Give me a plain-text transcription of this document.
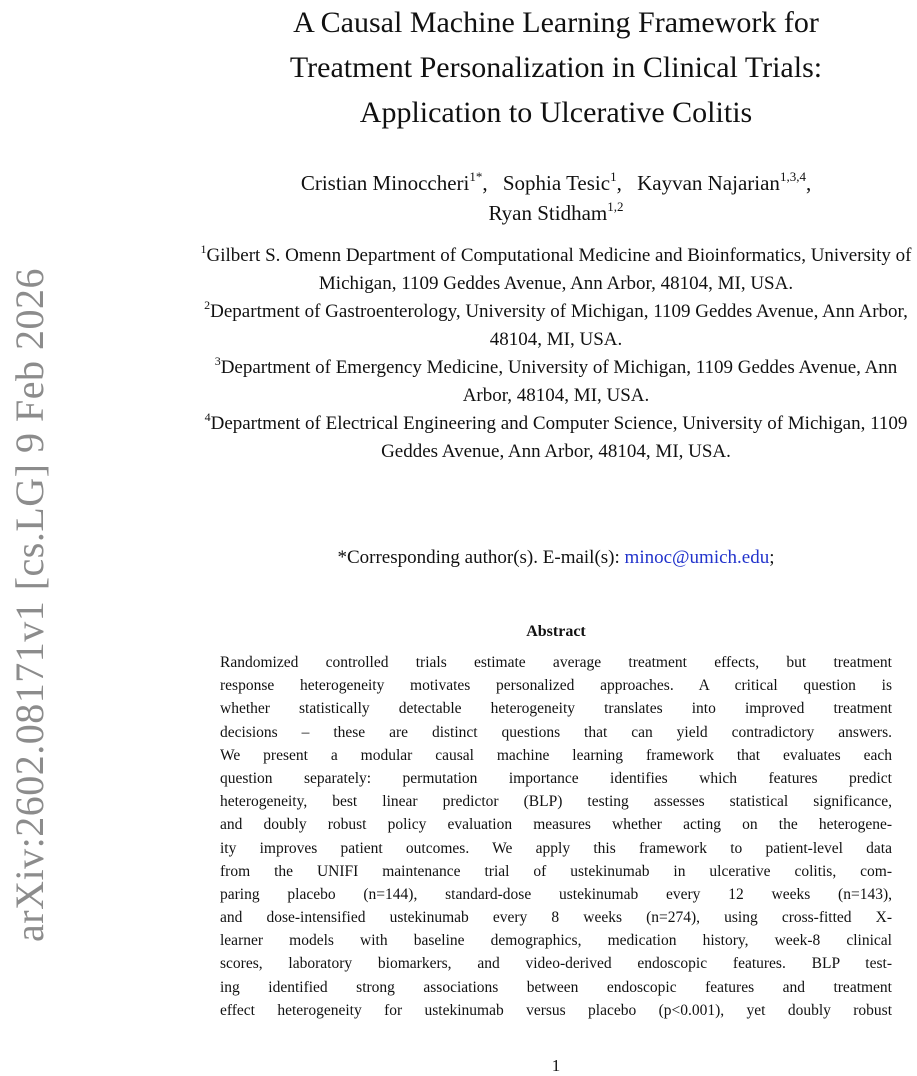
arXiv:2602.08171v1 [cs.LG] 9 Feb 2026
A Causal Machine Learning Framework for
Treatment Personalization in Clinical Trials:
Application to Ulcerative Colitis
Cristian Minoccheri$^{1*}$, Sophia Tesic$^1$, Kayvan Najarian$^{1,3,4}$,
Ryan Stidham$^{1,2}$

$^1$Gilbert S. Omenn Department of Computational Medicine and Bioinformatics, University of Michigan, 1109 Geddes Avenue, Ann Arbor, 48104, MI, USA.

$^2$Department of Gastroenterology, University of Michigan, 1109 Geddes Avenue, Ann Arbor, 48104, MI, USA.

$^3$Department of Emergency Medicine, University of Michigan, 1109 Geddes Avenue, Ann Arbor, 48104, MI, USA.

$^4$Department of Electrical Engineering and Computer Science, University of Michigan, 1109 Geddes Avenue, Ann Arbor, 48104, MI, USA.

*Corresponding author(s). E-mail(s): minoc@umich.edu;
Abstract
Randomized controlled trials estimate average treatment effects, but treatment
response heterogeneity motivates personalized approaches. A critical question is
whether statistically detectable heterogeneity translates into improved treatment
decisions – these are distinct questions that can yield contradictory answers.
We present a modular causal machine learning framework that evaluates each
question separately: permutation importance identifies which features predict
heterogeneity, best linear predictor (BLP) testing assesses statistical significance,
and doubly robust policy evaluation measures whether acting on the heterogene-
ity improves patient outcomes. We apply this framework to patient-level data
from the UNIFI maintenance trial of ustekinumab in ulcerative colitis, com-
paring placebo (n=144), standard-dose ustekinumab every 12 weeks (n=143),
and dose-intensified ustekinumab every 8 weeks (n=274), using cross-fitted X-
learner models with baseline demographics, medication history, week-8 clinical
scores, laboratory biomarkers, and video-derived endoscopic features. BLP test-
ing identified strong associations between endoscopic features and treatment
effect heterogeneity for ustekinumab versus placebo (p<0.001), yet doubly robust
1
